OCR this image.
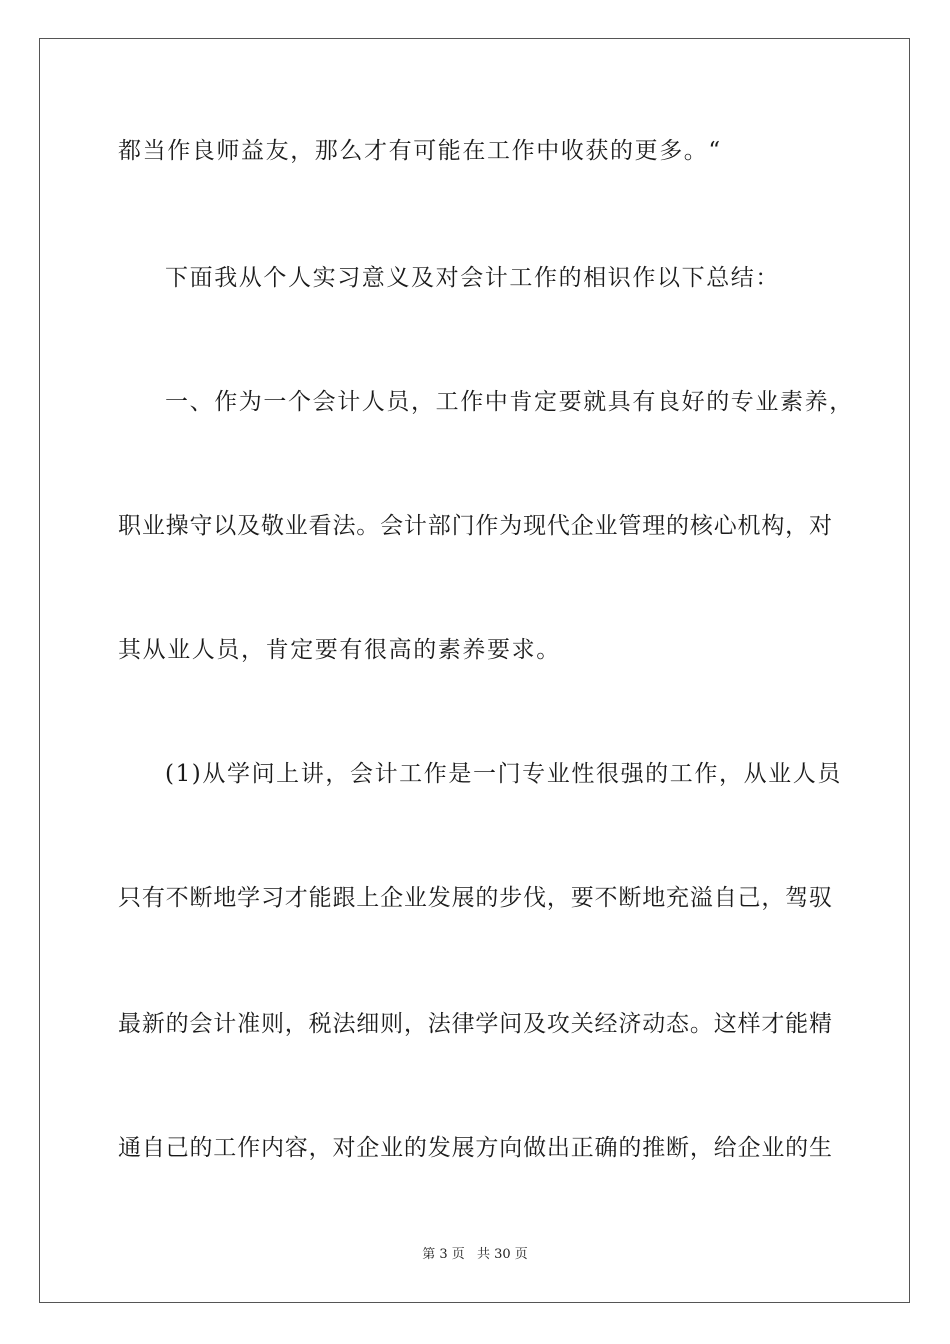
都当作良师益友，那么才有可能在工作中收获的更多。“
下面我从个人实习意义及对会计工作的相识作以下总结：
一、作为一个会计人员，工作中肯定要就具有良好的专业素养，
职业操守以及敬业看法。会计部门作为现代企业管理的核心机构，对
其从业人员，肯定要有很高的素养要求。
(1)从学问上讲，会计工作是一门专业性很强的工作，从业人员
只有不断地学习才能跟上企业发展的步伐，要不断地充溢自己，驾驭
最新的会计准则，税法细则，法律学问及攻关经济动态。这样才能精
通自己的工作内容，对企业的发展方向做出正确的推断，给企业的生
第 3 页 共 30 页
